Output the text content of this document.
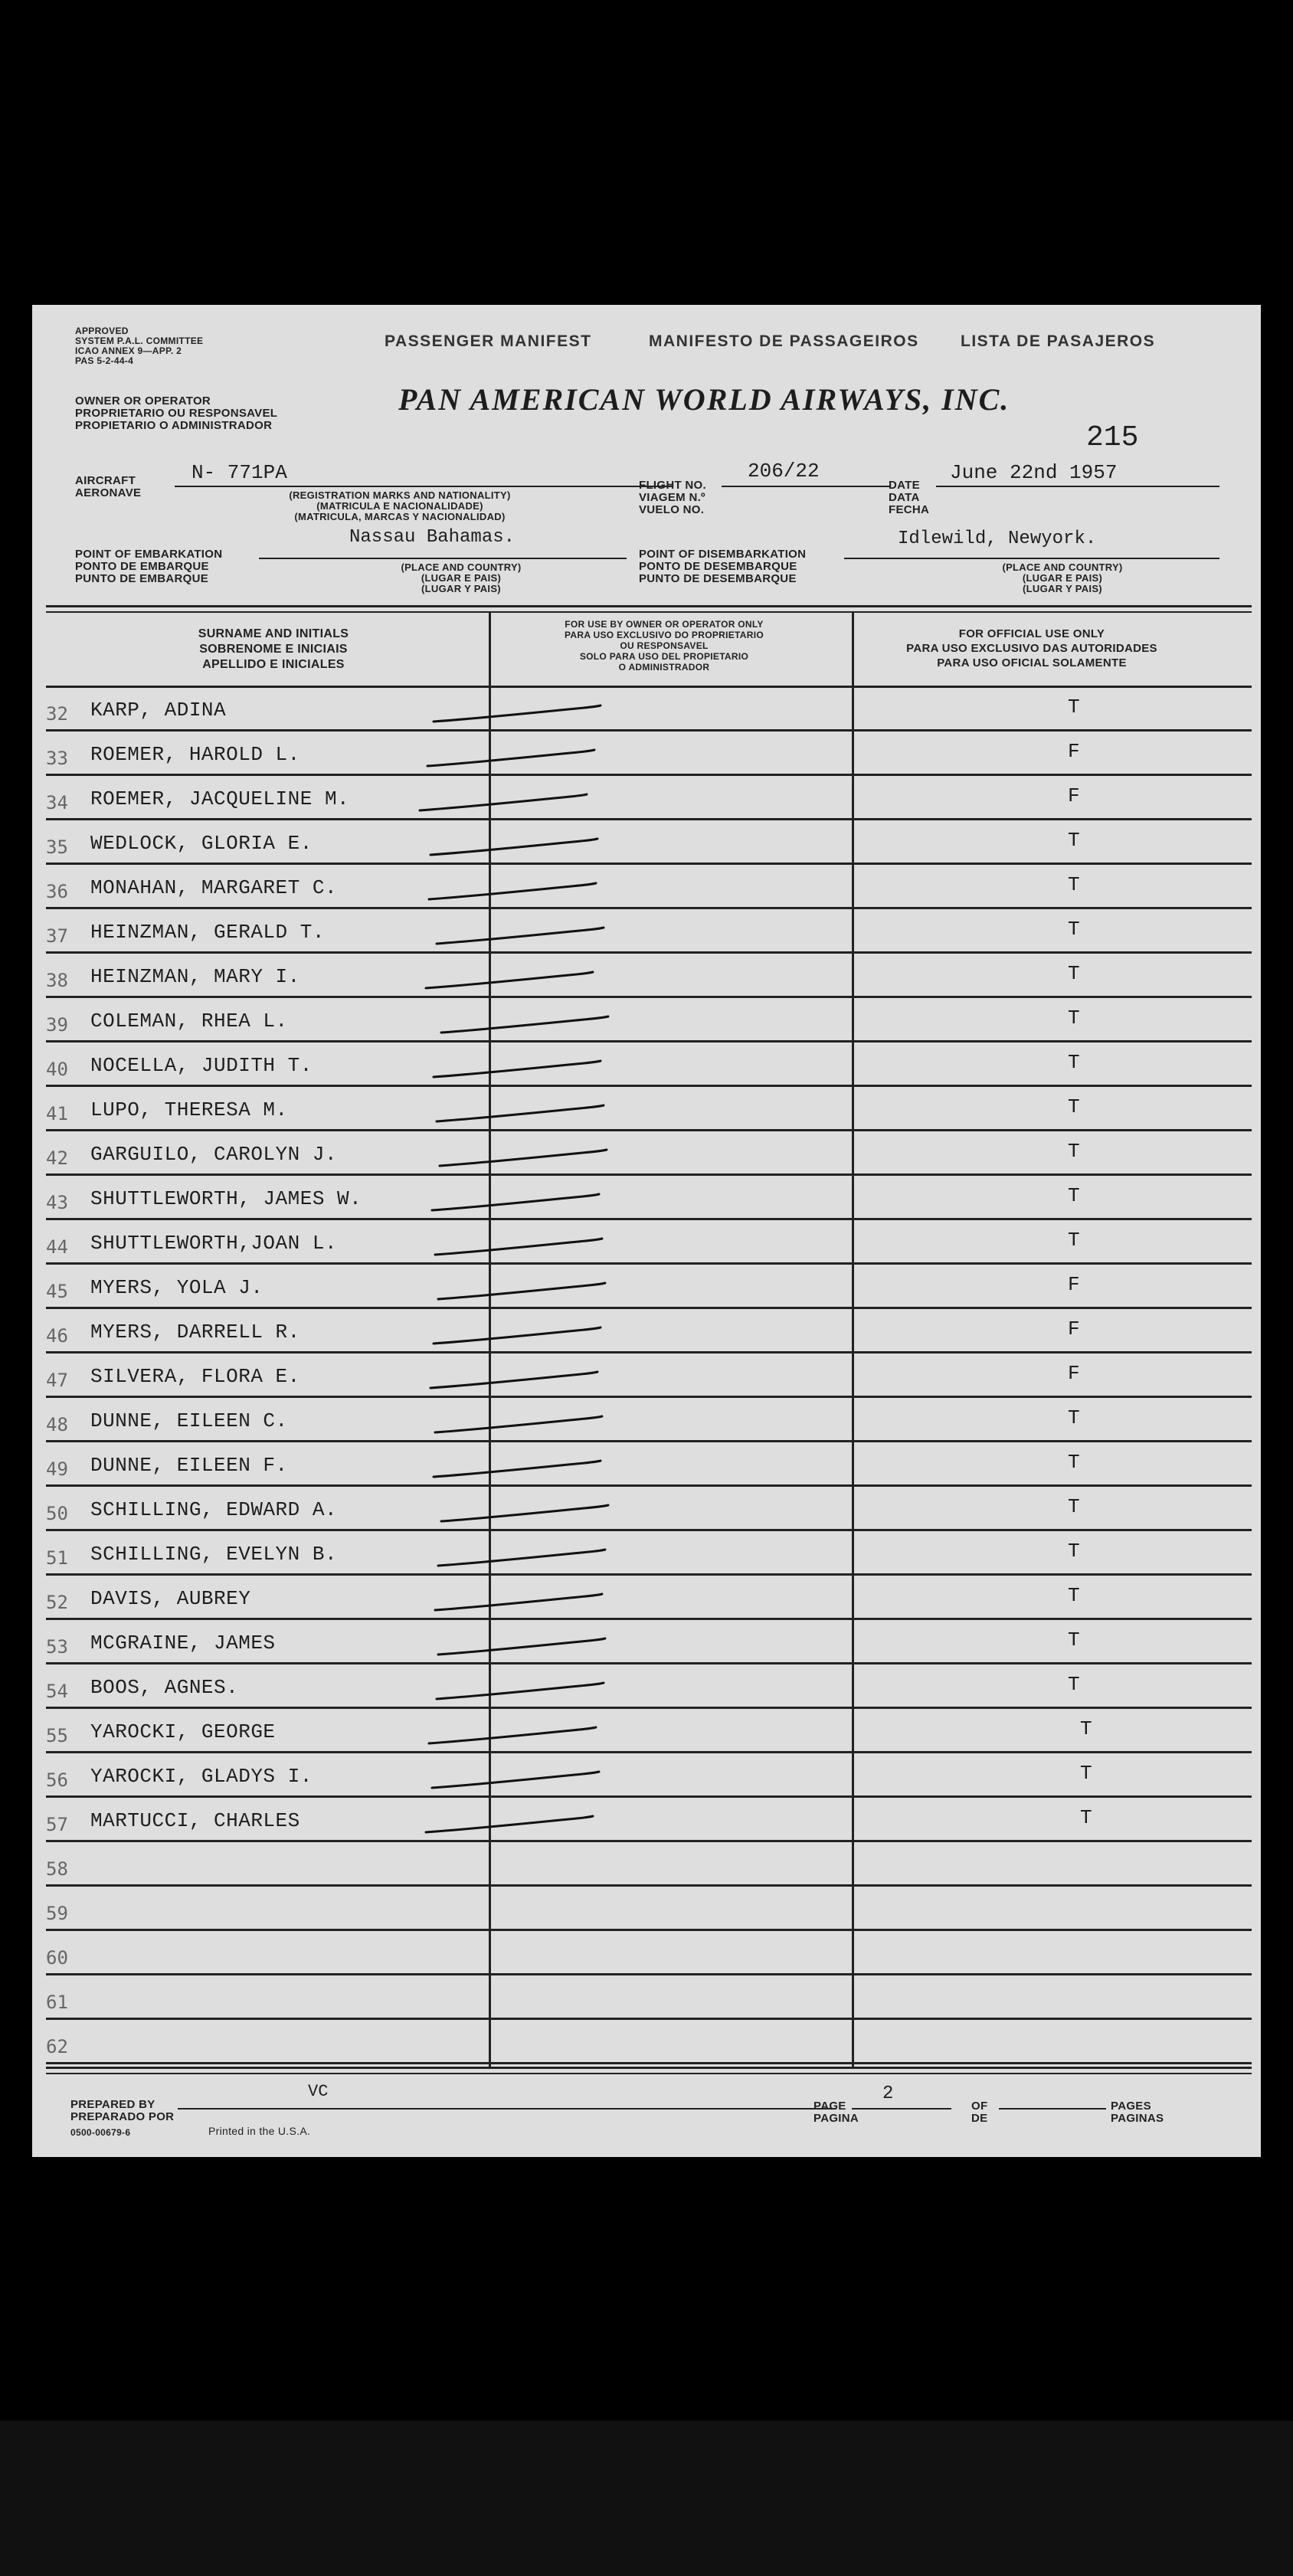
APPROVED
SYSTEM P.A.L. COMMITTEE
ICAO ANNEX 9—APP. 2
PAS 5-2-44-4
OWNER OR OPERATOR
PROPRIETARIO OU RESPONSAVEL
PROPIETARIO O ADMINISTRADOR
PASSENGER MANIFEST	MANIFESTO DE PASSAGEIROS	LISTA DE PASAJEROS
PAN AMERICAN WORLD AIRWAYS, INC.
215
AIRCRAFT
AERONAVE
N- 771PA
(REGISTRATION MARKS AND NATIONALITY)
(MATRICULA E NACIONALIDADE)
(MATRICULA, MARCAS Y NACIONALIDAD)
FLIGHT NO.
VIAGEM N.º
VUELO NO.
206/22
DATE
DATA
FECHA
June 22nd 1957
Nassau Bahamas.
POINT OF EMBARKATION
PONTO DE EMBARQUE
PUNTO DE EMBARQUE
(PLACE AND COUNTRY)
(LUGAR E PAIS)
(LUGAR Y PAIS)
POINT OF DISEMBARKATION
PONTO DE DESEMBARQUE
PUNTO DE DESEMBARQUE
Idlewild, Newyork.
(PLACE AND COUNTRY)
(LUGAR E PAIS)
(LUGAR Y PAIS)
SURNAME AND INITIALS
SOBRENOME E INICIAIS
APELLIDO E INICIALES
FOR USE BY OWNER OR OPERATOR ONLY
PARA USO EXCLUSIVO DO PROPRIETARIO
OU RESPONSAVEL
SOLO PARA USO DEL PROPIETARIO
O ADMINISTRADOR
FOR OFFICIAL USE ONLY
PARA USO EXCLUSIVO DAS AUTORIDADES
PARA USO OFICIAL SOLAMENTE
32 KARP, ADINA	T
33 ROEMER, HAROLD L.	F
34 ROEMER, JACQUELINE M.	F
35 WEDLOCK, GLORIA E.	T
36 MONAHAN, MARGARET C.	T
37 HEINZMAN, GERALD T.	T
38 HEINZMAN, MARY I.	T
39 COLEMAN, RHEA L.	T
40 NOCELLA, JUDITH T.	T
41 LUPO, THERESA M.	T
42 GARGUILO, CAROLYN J.	T
43 SHUTTLEWORTH, JAMES W.	T
44 SHUTTLEWORTH,JOAN L.	T
45 MYERS, YOLA J.	F
46 MYERS, DARRELL R.	F
47 SILVERA, FLORA E.	F
48 DUNNE, EILEEN C.	T
49 DUNNE, EILEEN F.	T
50 SCHILLING, EDWARD A.	T
51 SCHILLING, EVELYN B.	T
52 DAVIS, AUBREY	T
53 MCGRAINE, JAMES	T
54 BOOS, AGNES.	T
55 YAROCKI, GEORGE	T
56 YAROCKI, GLADYS I.	T
57 MARTUCCI, CHARLES	T
58
59
60
61
62
PREPARED BY
PREPARADO POR
VC
PAGE
PAGINA
2
OF
DE
PAGES
PAGINAS
0500-00679-6	Printed in the U.S.A.
